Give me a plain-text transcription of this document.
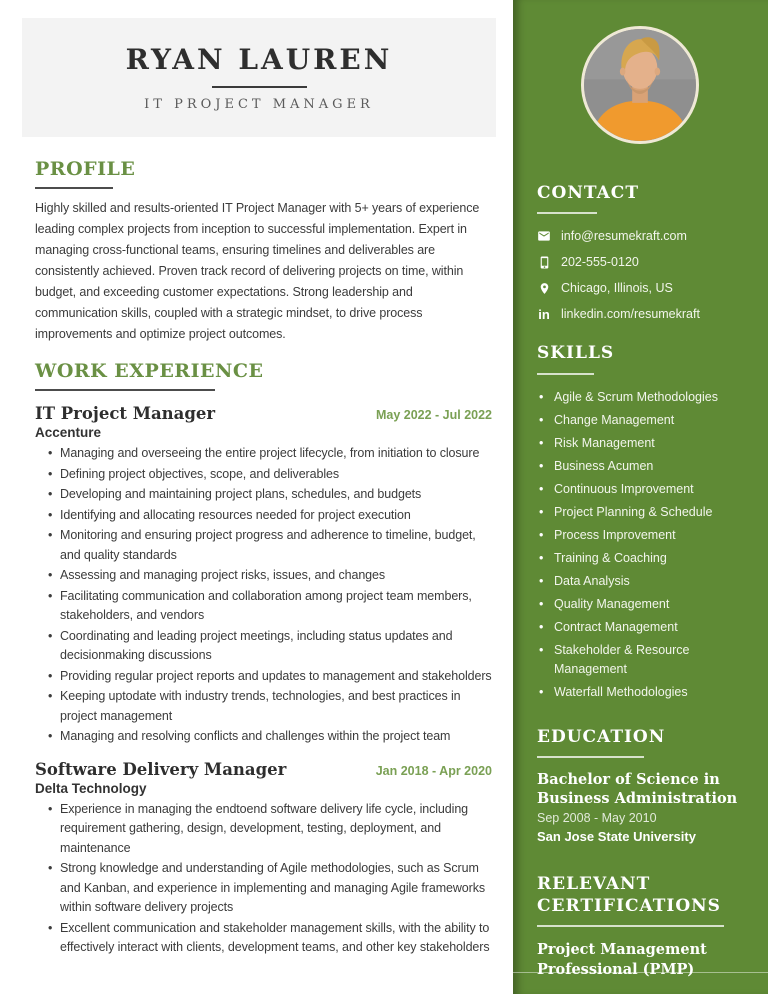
RYAN LAUREN
IT PROJECT MANAGER
PROFILE

Highly skilled and results-oriented IT Project Manager with 5+ years of experience leading complex projects from inception to successful implementation. Expert in managing cross-functional teams, ensuring timelines and deliverables are consistently achieved. Proven track record of delivering projects on time, within budget, and exceeding customer expectations. Strong leadership and communication skills, coupled with a strategic mindset, to drive process improvements and optimize project outcomes.

WORK EXPERIENCE
IT Project Manager	May 2022 - Jul 2022
Accenture
• Managing and overseeing the entire project lifecycle, from initiation to closure
• Defining project objectives, scope, and deliverables
• Developing and maintaining project plans, schedules, and budgets
• Identifying and allocating resources needed for project execution
• Monitoring and ensuring project progress and adherence to timeline, budget, and quality standards
• Assessing and managing project risks, issues, and changes
• Facilitating communication and collaboration among project team members, stakeholders, and vendors
• Coordinating and leading project meetings, including status updates and decisionmaking discussions
• Providing regular project reports and updates to management and stakeholders
• Keeping uptodate with industry trends, technologies, and best practices in project management
• Managing and resolving conflicts and challenges within the project team
Software Delivery Manager	Jan 2018 - Apr 2020
Delta Technology
• Experience in managing the endtoend software delivery life cycle, including requirement gathering, design, development, testing, deployment, and maintenance
• Strong knowledge and understanding of Agile methodologies, such as Scrum and Kanban, and experience in implementing and managing Agile frameworks within software delivery projects
• Excellent communication and stakeholder management skills, with the ability to effectively interact with clients, development teams, and other key stakeholders
CONTACT
info@resumekraft.com
202-555-0120
Chicago, Illinois, US
in linkedin.com/resumekraft
SKILLS
• Agile & Scrum Methodologies
• Change Management
• Risk Management
• Business Acumen
• Continuous Improvement
• Project Planning & Schedule
• Process Improvement
• Training & Coaching
• Data Analysis
• Quality Management
• Contract Management
• Stakeholder & Resource Management
• Waterfall Methodologies
EDUCATION
Bachelor of Science in Business Administration
Sep 2008 - May 2010
San Jose State University
RELEVANT CERTIFICATIONS
Project Management Professional (PMP)
